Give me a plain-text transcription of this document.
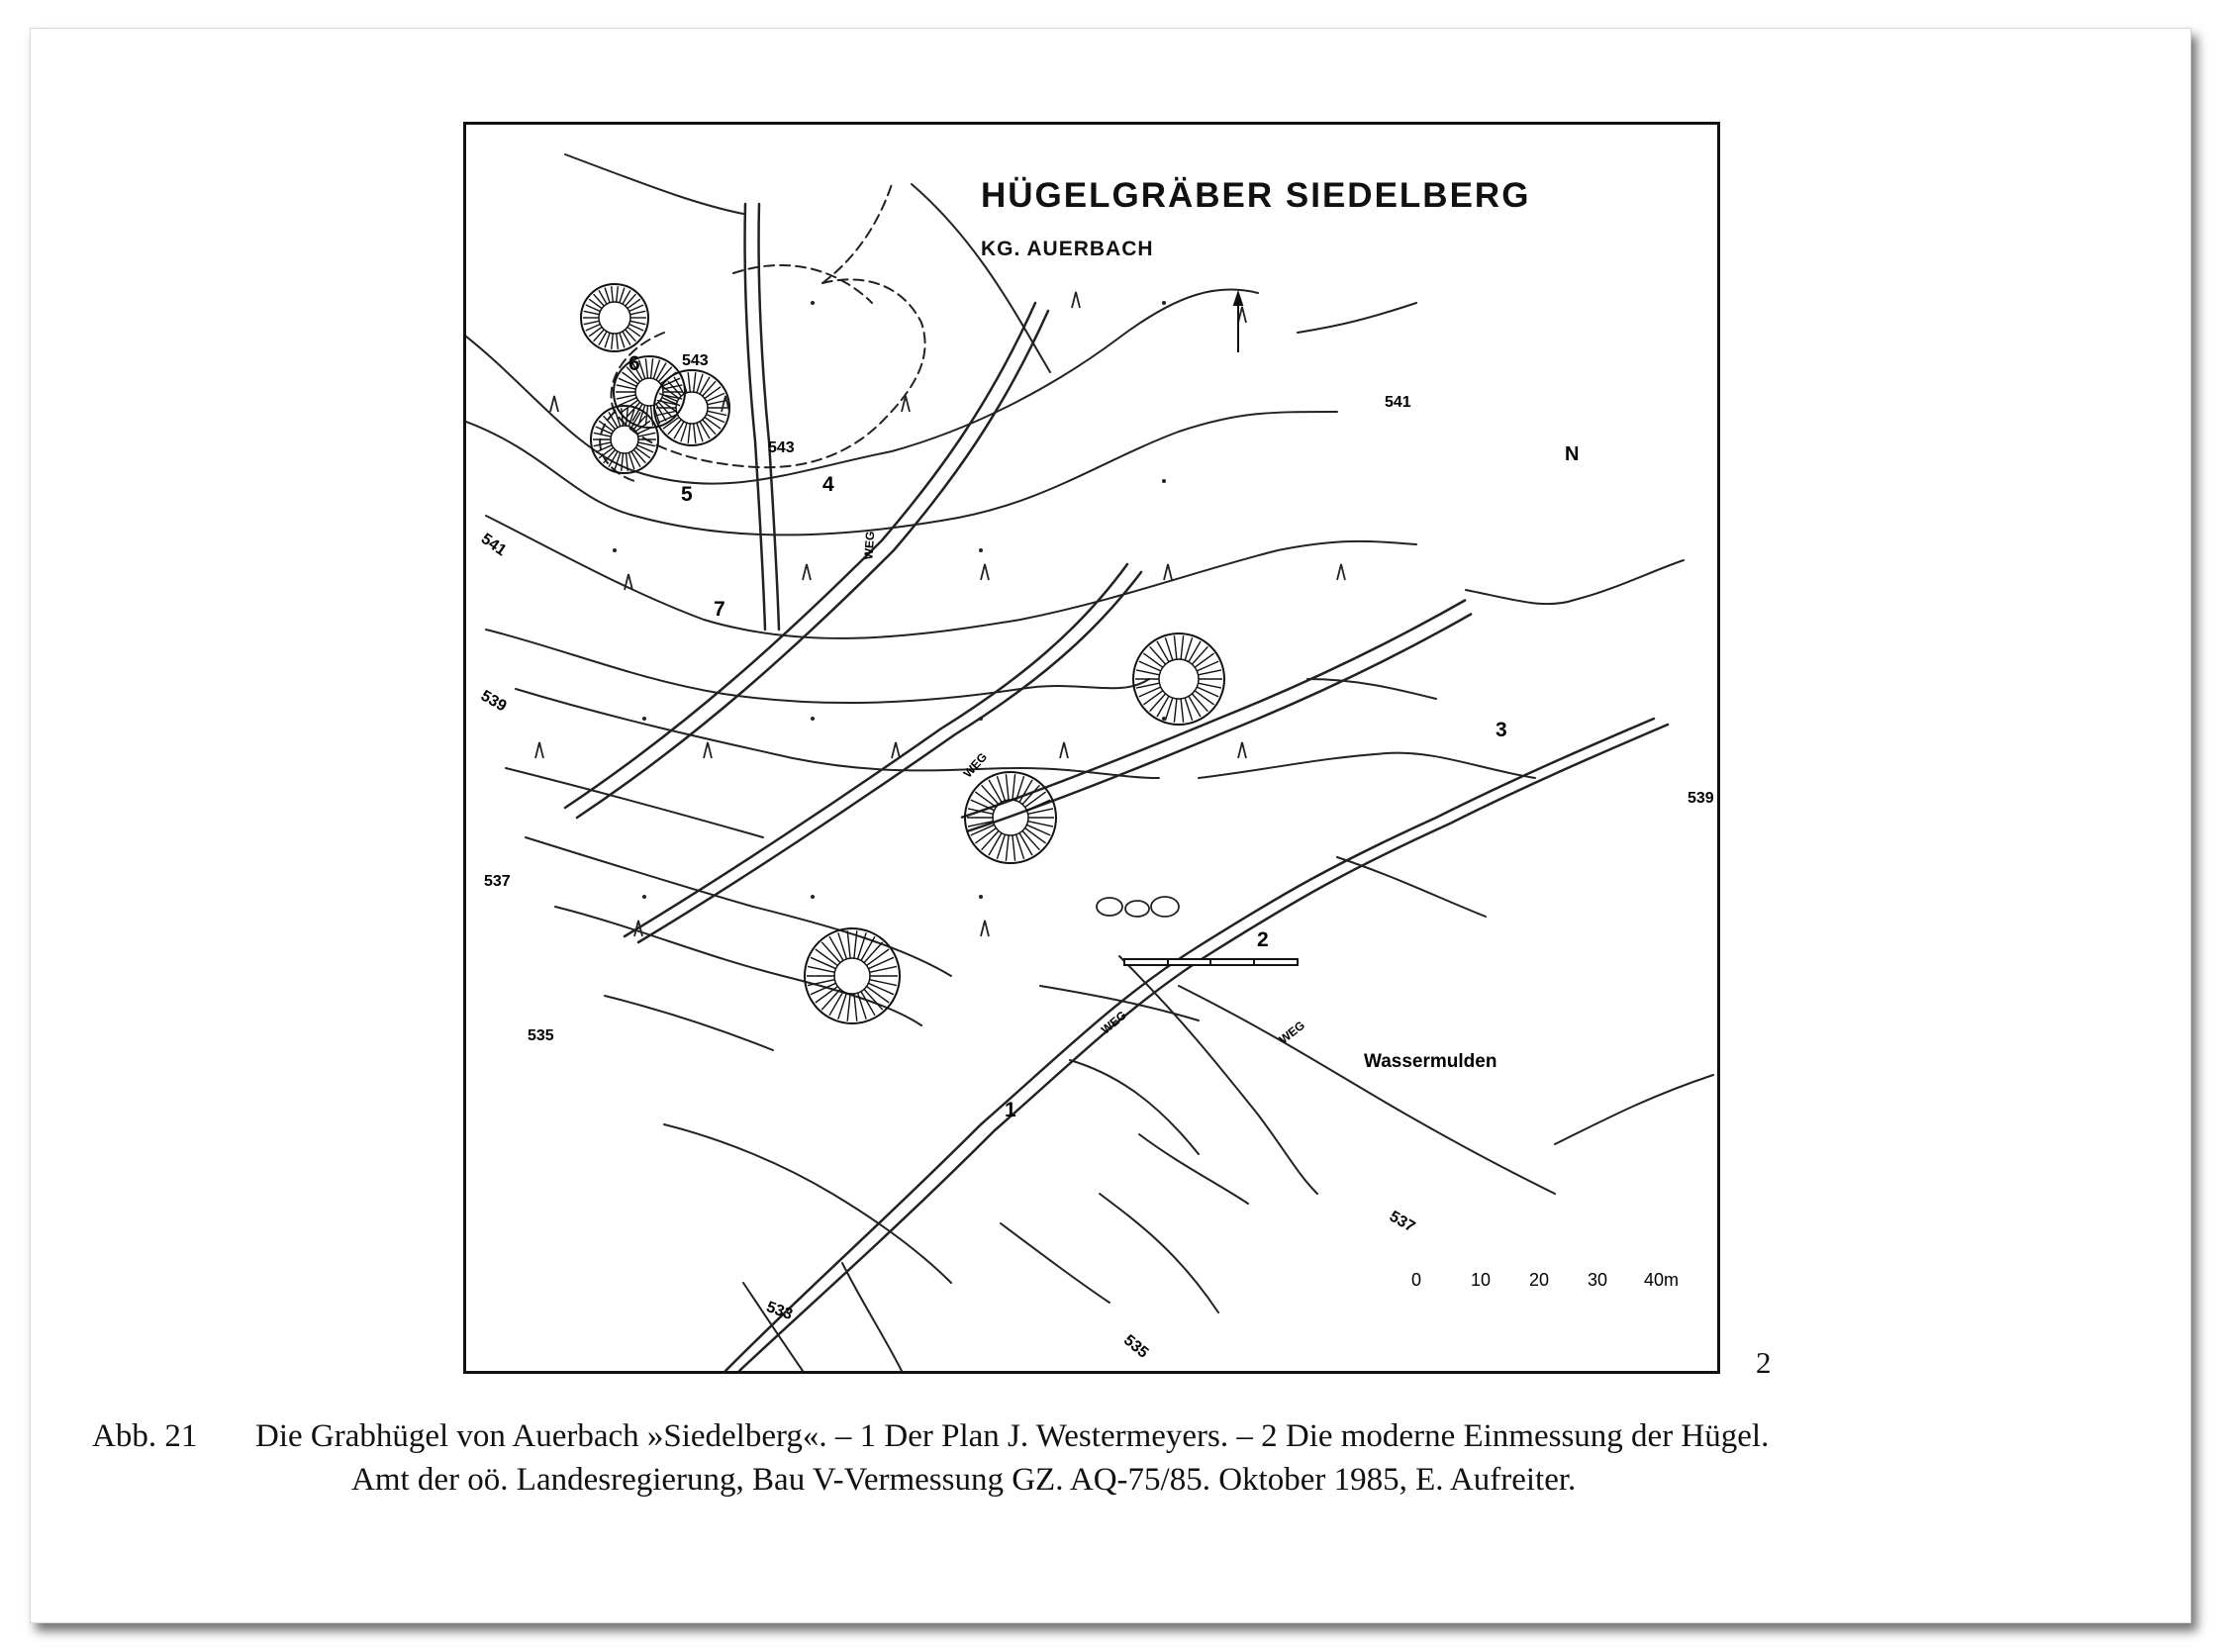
HÜGELGRÄBER SIEDELBERG
KG. AUERBACH
N
0	10 20 30 40m
Wassermulden
WEG
WEG
WEG	WEG
6
5	4
7
3
2
1
543
543
541
541
539
539
537
537
535
535
533
2
Abb. 21 Die Grabhügel von Auerbach »Siedelberg«. – 1 Der Plan J. Westermeyers. – 2 Die moderne Einmessung der Hügel.
Amt der oö. Landesregierung, Bau V-Vermessung GZ. AQ-75/85. Oktober 1985, E. Aufreiter.
